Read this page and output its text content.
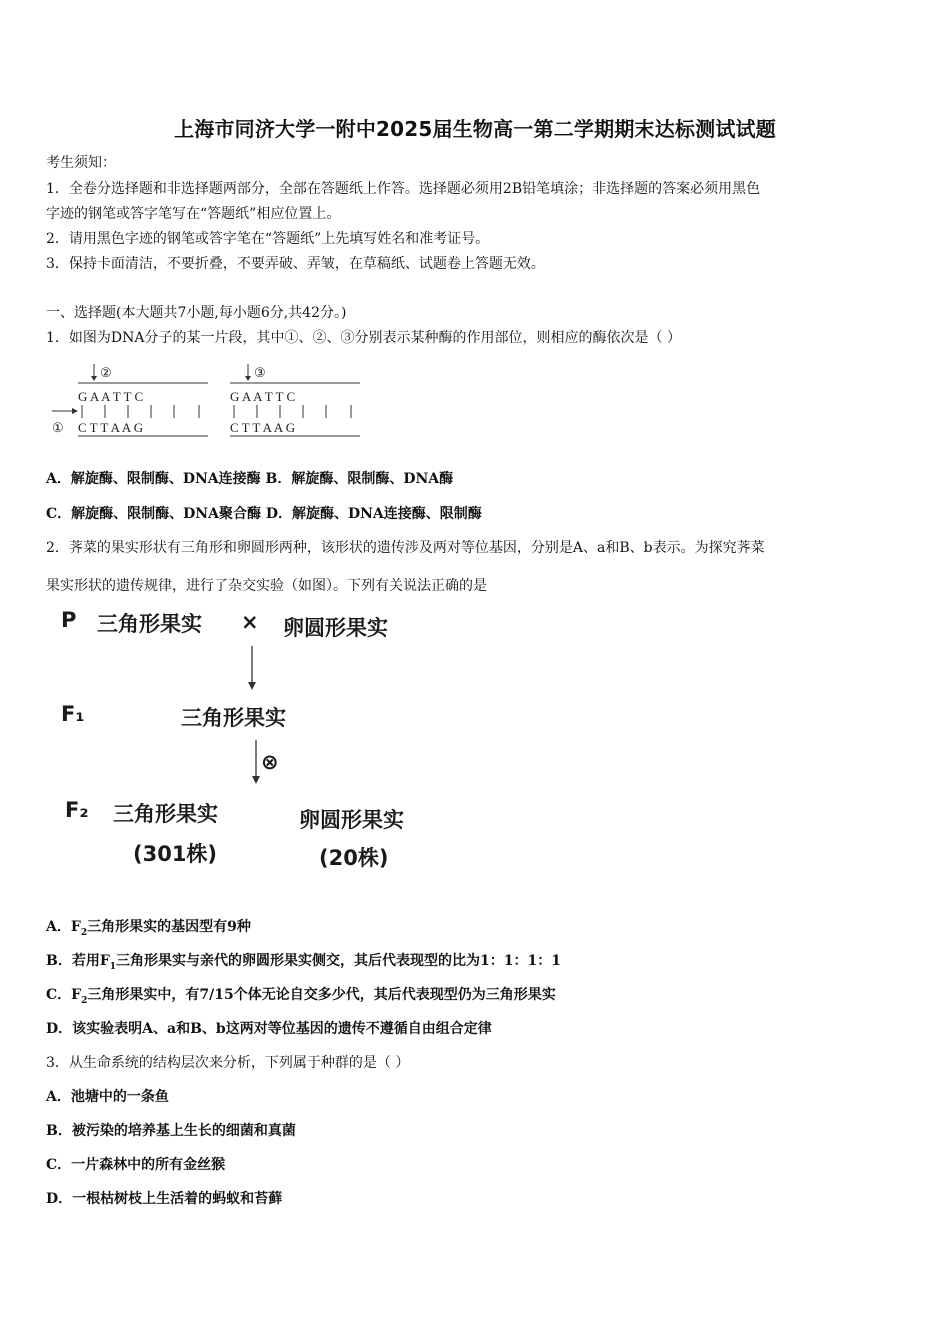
上海市同济大学一附中2025届生物高一第二学期期末达标测试试题
考生须知：
1．全卷分选择题和非选择题两部分，全部在答题纸上作答。选择题必须用2B铅笔填涂；非选择题的答案必须用黑色
字迹的钢笔或答字笔写在“答题纸”相应位置上。
2．请用黑色字迹的钢笔或答字笔在“答题纸”上先填写姓名和准考证号。
3．保持卡面清洁，不要折叠，不要弄破、弄皱，在草稿纸、试题卷上答题无效。
一、选择题(本大题共7小题,每小题6分,共42分。)
1．如图为DNA分子的某一片段，其中①、②、③分别表示某种酶的作用部位，则相应的酶依次是（ ）
②
G A A T T C
① C T T A A G
③
G A A T T C
C T T A A G
A．解旋酶、限制酶、DNA连接酶 B．解旋酶、限制酶、DNA酶
C．解旋酶、限制酶、DNA聚合酶 D．解旋酶、DNA连接酶、限制酶
2．荠菜的果实形状有三角形和卵圆形两种，该形状的遗传涉及两对等位基因，分别是A、a和B、b表示。为探究荠菜
果实形状的遗传规律，进行了杂交实验（如图）。下列有关说法正确的是
P 三角形果实 × 卵圆形果实
F₁	三角形果实
⊗
F₂ 三角形果实	卵圆形果实
(301株)	(20株)
A．$F_2$三角形果实的基因型有9种
B．若用$F_1$三角形果实与亲代的卵圆形果实侧交，其后代表现型的比为1：1：1：1
C．$F_2$三角形果实中，有7/15个体无论自交多少代，其后代表现型仍为三角形果实
D．该实验表明A、a和B、b这两对等位基因的遗传不遵循自由组合定律
3．从生命系统的结构层次来分析，下列属于种群的是（ ）
A．池塘中的一条鱼
B．被污染的培养基上生长的细菌和真菌
C．一片森林中的所有金丝猴
D．一根枯树枝上生活着的蚂蚁和苔藓
